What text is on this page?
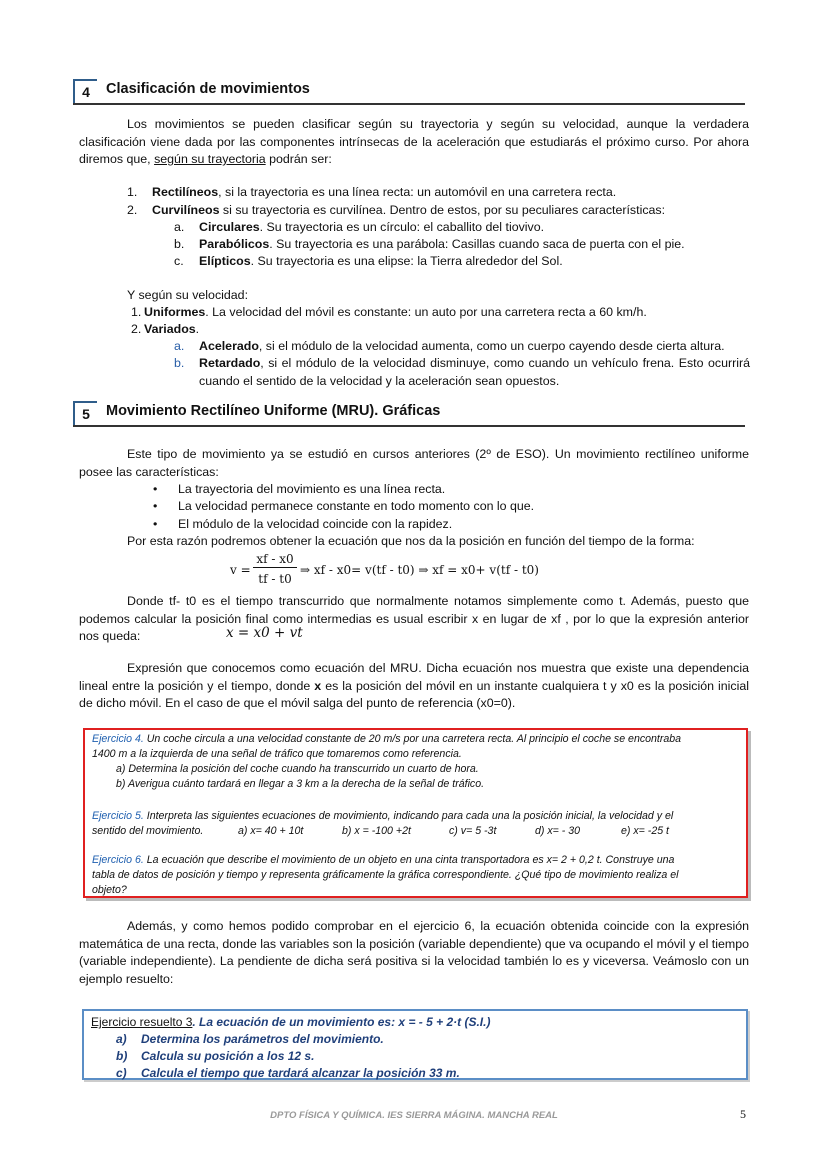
4	Clasificación de movimientos
Los movimientos se pueden clasificar según su trayectoria y según su velocidad, aunque la verdadera clasificación viene dada por las componentes intrínsecas de la aceleración que estudiarás el próximo curso. Por ahora diremos que, según su trayectoria podrán ser:
1. Rectilíneos, si la trayectoria es una línea recta: un automóvil en una carretera recta.
2. Curvilíneos si su trayectoria es curvilínea. Dentro de estos, por su peculiares características:
a. Circulares. Su trayectoria es un círculo: el caballito del tiovivo.
b. Parabólicos. Su trayectoria es una parábola: Casillas cuando saca de puerta con el pie.
c. Elípticos. Su trayectoria es una elipse: la Tierra alrededor del Sol.
Y según su velocidad:
1. Uniformes. La velocidad del móvil es constante: un auto por una carretera recta a 60 km/h.
2. Variados.
a. Acelerado, si el módulo de la velocidad aumenta, como un cuerpo cayendo desde cierta altura.
b. Retardado, si el módulo de la velocidad disminuye, como cuando un vehículo frena. Esto ocurrirá cuando el sentido de la velocidad y la aceleración sean opuestos.
5	Movimiento Rectilíneo Uniforme (MRU). Gráficas
Este tipo de movimiento ya se estudió en cursos anteriores (2º de ESO). Un movimiento rectilíneo uniforme posee las características:
• La trayectoria del movimiento es una línea recta.
• La velocidad permanece constante en todo momento con lo que.
• El módulo de la velocidad coincide con la rapidez.
Por esta razón podremos obtener la ecuación que nos da la posición en función del tiempo de la forma:
v =
xf - x0
tf - t0
⇒ xf - x0= v(tf - t0) ⇒ xf = x0+ v(tf - t0)
Donde tf- t0 es el tiempo transcurrido que normalmente notamos simplemente como t. Además, puesto que podemos calcular la posición final como intermedias es usual escribir x en lugar de xf , por lo que la expresión anterior nos queda:	x = x0 + vt
Expresión que conocemos como ecuación del MRU. Dicha ecuación nos muestra que existe una dependencia lineal entre la posición y el tiempo, donde x es la posición del móvil en un instante cualquiera t y x0 es la posición inicial de dicho móvil. En el caso de que el móvil salga del punto de referencia (x0=0).
Ejercicio 4. Un coche circula a una velocidad constante de 20 m/s por una carretera recta. Al principio el coche se encontraba
1400 m a la izquierda de una señal de tráfico que tomaremos como referencia.
a) Determina la posición del coche cuando ha transcurrido un cuarto de hora.
b) Averigua cuánto tardará en llegar a 3 km a la derecha de la señal de tráfico.
Ejercicio 5. Interpreta las siguientes ecuaciones de movimiento, indicando para cada una la posición inicial, la velocidad y el
sentido del movimiento.	a) x= 40 + 10t	b) x = -100 +2t	c) v= 5 -3t	d) x= - 30	e) x= -25 t
Ejercicio 6. La ecuación que describe el movimiento de un objeto en una cinta transportadora es x= 2 + 0,2 t. Construye una
tabla de datos de posición y tiempo y representa gráficamente la gráfica correspondiente. ¿Qué tipo de movimiento realiza el
objeto?
Además, y como hemos podido comprobar en el ejercicio 6, la ecuación obtenida coincide con la expresión matemática de una recta, donde las variables son la posición (variable dependiente) que va ocupando el móvil y el tiempo (variable independiente). La pendiente de dicha será positiva si la velocidad también lo es y viceversa. Veámoslo con un ejemplo resuelto:
Ejercicio resuelto 3. La ecuación de un movimiento es: x = - 5 + 2·t (S.I.)
a) Determina los parámetros del movimiento.
b) Calcula su posición a los 12 s.
c) Calcula el tiempo que tardará alcanzar la posición 33 m.
DPTO FÍSICA Y QUÍMICA. IES SIERRA MÁGINA. MANCHA REAL	5
